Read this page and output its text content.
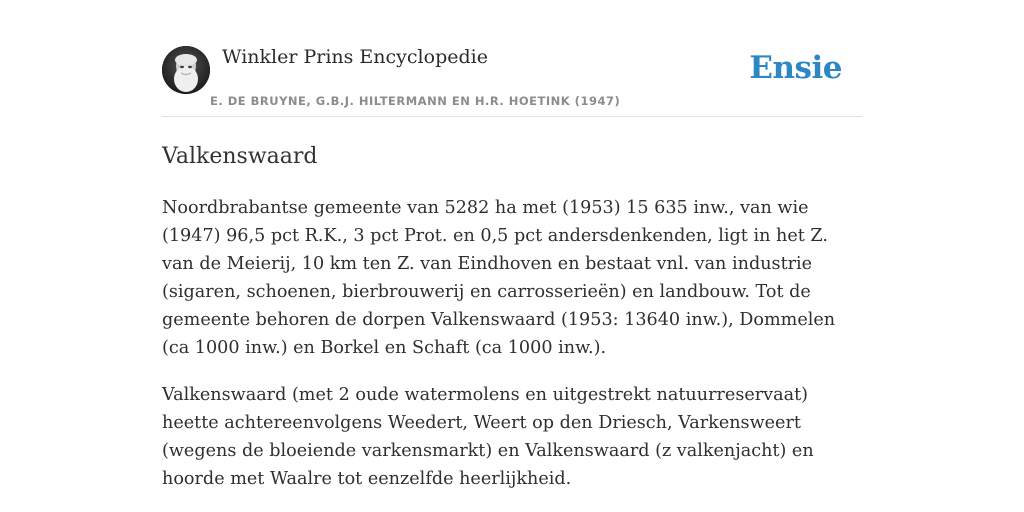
Winkler Prins Encyclopedie
E. DE BRUYNE, G.B.J. HILTERMANN EN H.R. HOETINK (1947)
Ensie
Valkenswaard

Noordbrabantse gemeente van 5282 ha met (1953) 15 635 inw., van wie (1947) 96,5 pct R.K., 3 pct Prot. en 0,5 pct andersdenkenden, ligt in het Z. van de Meierij, 10 km ten Z. van Eindhoven en bestaat vnl. van industrie (sigaren, schoenen, bierbrouwerij en carrosserieën) en landbouw. Tot de gemeente behoren de dorpen Valkenswaard (1953: 13640 inw.), Dommelen (ca 1000 inw.) en Borkel en Schaft (ca 1000 inw.).

Valkenswaard (met 2 oude watermolens en uitgestrekt natuurreservaat) heette achtereenvolgens Weedert, Weert op den Driesch, Varkensweert (wegens de bloeiende varkensmarkt) en Valkenswaard (z valkenjacht) en hoorde met Waalre tot eenzelfde heerlijkheid.
